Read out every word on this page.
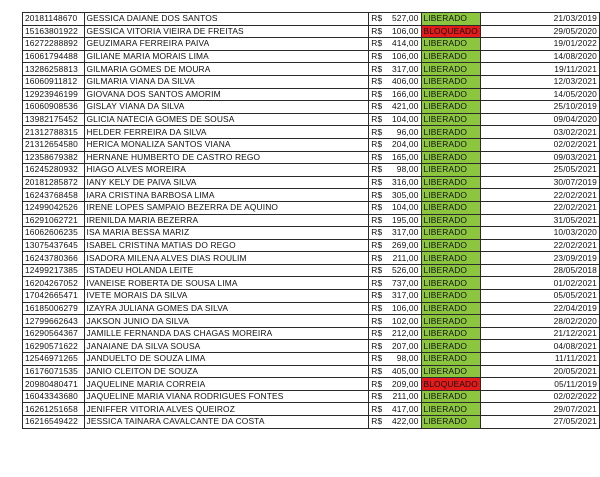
20181148670	GESSICA DAIANE DOS SANTOS	R$	527,00	LIBERADO	21/03/2019
15163801922	GESSICA VITORIA VIEIRA DE FREITAS	R$	106,00	BLOQUEADO	29/05/2020
16272288892	GEUZIMARA FERREIRA PAIVA	R$	414,00	LIBERADO	19/01/2022
16061794488	GILIANE MARIA MORAIS LIMA	R$	106,00	LIBERADO	14/08/2020
13286258813	GILMARIA GOMES DE MOURA	R$	317,00	LIBERADO	19/11/2021
16060911812	GILMARIA VIANA DA SILVA	R$	406,00	LIBERADO	12/03/2021
12923946199	GIOVANA DOS SANTOS AMORIM	R$	166,00	LIBERADO	14/05/2020
16060908536	GISLAY VIANA DA SILVA	R$	421,00	LIBERADO	25/10/2019
13982175452	GLICIA NATECIA GOMES DE SOUSA	R$	104,00	LIBERADO	09/04/2020
21312788315	HELDER FERREIRA DA SILVA	R$	96,00	LIBERADO	03/02/2021
21312654580	HERICA MONALIZA SANTOS VIANA	R$	204,00	LIBERADO	02/02/2021
12358679382	HERNANE HUMBERTO DE CASTRO REGO	R$	165,00	LIBERADO	09/03/2021
16245280932	HIAGO ALVES MOREIRA	R$	98,00	LIBERADO	25/05/2021
20181285872	IANY KELY DE PAIVA SILVA	R$	316,00	LIBERADO	30/07/2019
16243768458	IARA CRISTINA BARBOSA LIMA	R$	305,00	LIBERADO	22/02/2021
12499042526	IRENE LOPES SAMPAIO BEZERRA DE AQUINO	R$	104,00	LIBERADO	22/02/2021
16291062721	IRENILDA MARIA BEZERRA	R$	195,00	LIBERADO	31/05/2021
16062606235	ISA MARIA BESSA MARIZ	R$	317,00	LIBERADO	10/03/2020
13075437645	ISABEL CRISTINA MATIAS DO REGO	R$	269,00	LIBERADO	22/02/2021
16243780366	ISADORA MILENA ALVES DIAS ROULIM	R$	211,00	LIBERADO	23/09/2019
12499217385	ISTADEU HOLANDA LEITE	R$	526,00	LIBERADO	28/05/2018
16204267052	IVANEISE ROBERTA DE SOUSA LIMA	R$	737,00	LIBERADO	01/02/2021
17042665471	IVETE MORAIS DA SILVA	R$	317,00	LIBERADO	05/05/2021
16185006279	IZAYRA JULIANA GOMES DA SILVA	R$	106,00	LIBERADO	22/04/2019
12799662643	JAKSON JUNIO DA SILVA	R$	102,00	LIBERADO	28/02/2020
16290564367	JAMILLE FERNANDA DAS CHAGAS MOREIRA	R$	212,00	LIBERADO	21/12/2021
16290571622	JANAIANE DA SILVA SOUSA	R$	207,00	LIBERADO	04/08/2021
12546971265	JANDUELTO DE SOUZA LIMA	R$	98,00	LIBERADO	11/11/2021
16176071535	JANIO CLEITON DE SOUZA	R$	405,00	LIBERADO	20/05/2021
20980480471	JAQUELINE MARIA CORREIA	R$	209,00	BLOQUEADO	05/11/2019
16043343680	JAQUELINE MARIA VIANA RODRIGUES FONTES	R$	211,00	LIBERADO	02/02/2022
16261251658	JENIFFER VITORIA ALVES QUEIROZ	R$	417,00	LIBERADO	29/07/2021
16216549422	JESSICA TAINARA CAVALCANTE DA COSTA	R$	422,00	LIBERADO	27/05/2021
